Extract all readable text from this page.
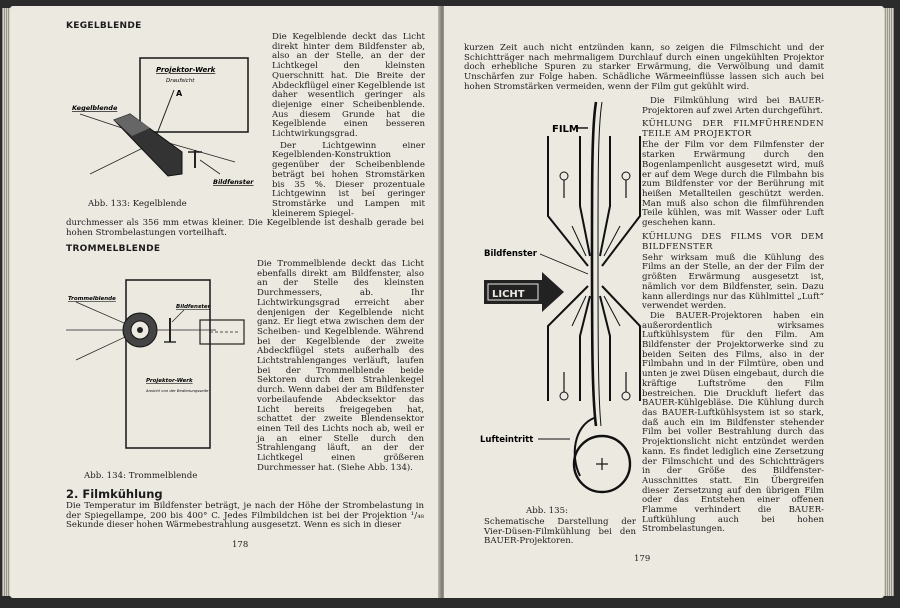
KEGELBLENDE
Projektor-Werk
Draufsicht
A
Kegelblende
Bildfenster
Abb. 133: Kegelblende

Die Kegelblende deckt das Licht direkt hinter dem Bildfenster ab, also an der Stelle, an der der Lichtkegel den kleinsten Querschnitt hat. Die Breite der Abdeckflügel einer Kegelblende ist daher wesentlich geringer als diejenige einer Scheibenblende. Aus diesem Grunde hat die Kegelblende einen besseren Lichtwirkungsgrad.

Der Lichtgewinn einer Kegelblenden-Konstruktion gegenüber der Scheibenblende beträgt bei hohen Stromstärken bis 35 %. Dieser prozentuale Lichtgewinn ist bei geringer Stromstärke und Lampen mit kleinerem Spiegel-

durchmesser als 356 mm etwas kleiner. Die Kegelblende ist deshalb gerade bei hohen Strombelastungen vorteilhaft.
TROMMELBLENDE
Trommelblende
Bildfenster
Projektor-Werk
Ansicht von der Bedienungsseite
Abb. 134: Trommelblende
Die Trommelblende deckt das Licht ebenfalls direkt am Bildfenster, also an der Stelle des kleinsten Durchmessers, ab. Ihr Lichtwirkungsgrad erreicht aber denjenigen der Kegelblende nicht ganz. Er liegt etwa zwischen dem der Scheiben- und Kegelblende. Während bei der Kegelblende der zweite Abdeckflügel stets außerhalb des Lichtstrahlenganges verläuft, laufen bei der Trommelblende beide Sektoren durch den Strahlenkegel durch. Wenn dabei der am Bildfenster vorbeilaufende Abdecksektor das Licht bereits freigegeben hat, schattet der zweite Blendensektor einen Teil des Lichts noch ab, weil er ja an einer Stelle durch den Strahlengang läuft, an der der Lichtkegel einen größeren Durchmesser hat. (Siehe Abb. 134).
2. Filmkühlung
Die Temperatur im Bildfenster beträgt, je nach der Höhe der Strombelastung in der Spiegellampe, 200 bis 400° C. Jedes Filmbildchen ist bei der Projektion ¹/₄₈ Sekunde dieser hohen Wärmebestrahlung ausgesetzt. Wenn es sich in dieser
178
kurzen Zeit auch nicht entzünden kann, so zeigen die Filmschicht und der Schichtträger nach mehrmaligem Durchlauf durch einen ungekühlten Projektor doch erhebliche Spuren zu starker Erwärmung, die Verwölbung und damit Unschärfen zur Folge haben. Schädliche Wärmeeinflüsse lassen sich auch bei hohen Stromstärken vermeiden, wenn der Film gut gekühlt wird.
FILM
Bildfenster
LICHT
Lufteintritt
Abb. 135:
Schematische Darstellung der Vier-Düsen-Filmkühlung bei den BAUER-Projektoren.

Die Filmkühlung wird bei BAUER-Projektoren auf zwei Arten durchgeführt.

KÜHLUNG DER FILMFÜHRENDEN TEILE AM PROJEKTOR

Ehe der Film vor dem Filmfenster der starken Erwärmung durch den Bogenlampenlicht ausgesetzt wird, muß er auf dem Wege durch die Filmbahn bis zum Bildfenster vor der Berührung mit heißen Metallteilen geschützt werden. Man muß also schon die filmführenden Teile kühlen, was mit Wasser oder Luft geschehen kann.

KÜHLUNG DES FILMS VOR DEM BILDFENSTER

Sehr wirksam muß die Kühlung des Films an der Stelle, an der der Film der größten Erwärmung ausgesetzt ist, nämlich vor dem Bildfenster, sein. Dazu kann allerdings nur das Kühlmittel „Luft“ verwendet werden.

Die BAUER-Projektoren haben ein außerordentlich wirksames Luftkühlsystem für den Film. Am Bildfenster der Projektorwerke sind zu beiden Seiten des Films, also in der Filmbahn und in der Filmtüre, oben und unten je zwei Düsen eingebaut, durch die kräftige Luftströme den Film bestreichen. Die Druckluft liefert das BAUER-Kühlgebläse. Die Kühlung durch das BAUER-Luftkühlsystem ist so stark, daß auch ein im Bildfenster stehender Film bei voller Bestrahlung durch das Projektionslicht nicht entzündet werden kann. Es findet lediglich eine Zersetzung der Filmschicht und des Schichtträgers in der Größe des Bildfenster-Ausschnittes statt. Ein Übergreifen dieser Zersetzung auf den übrigen Film oder das Entstehen einer offenen Flamme verhindert die BAUER-Luftkühlung auch bei hohen Strombelastungen.

179
